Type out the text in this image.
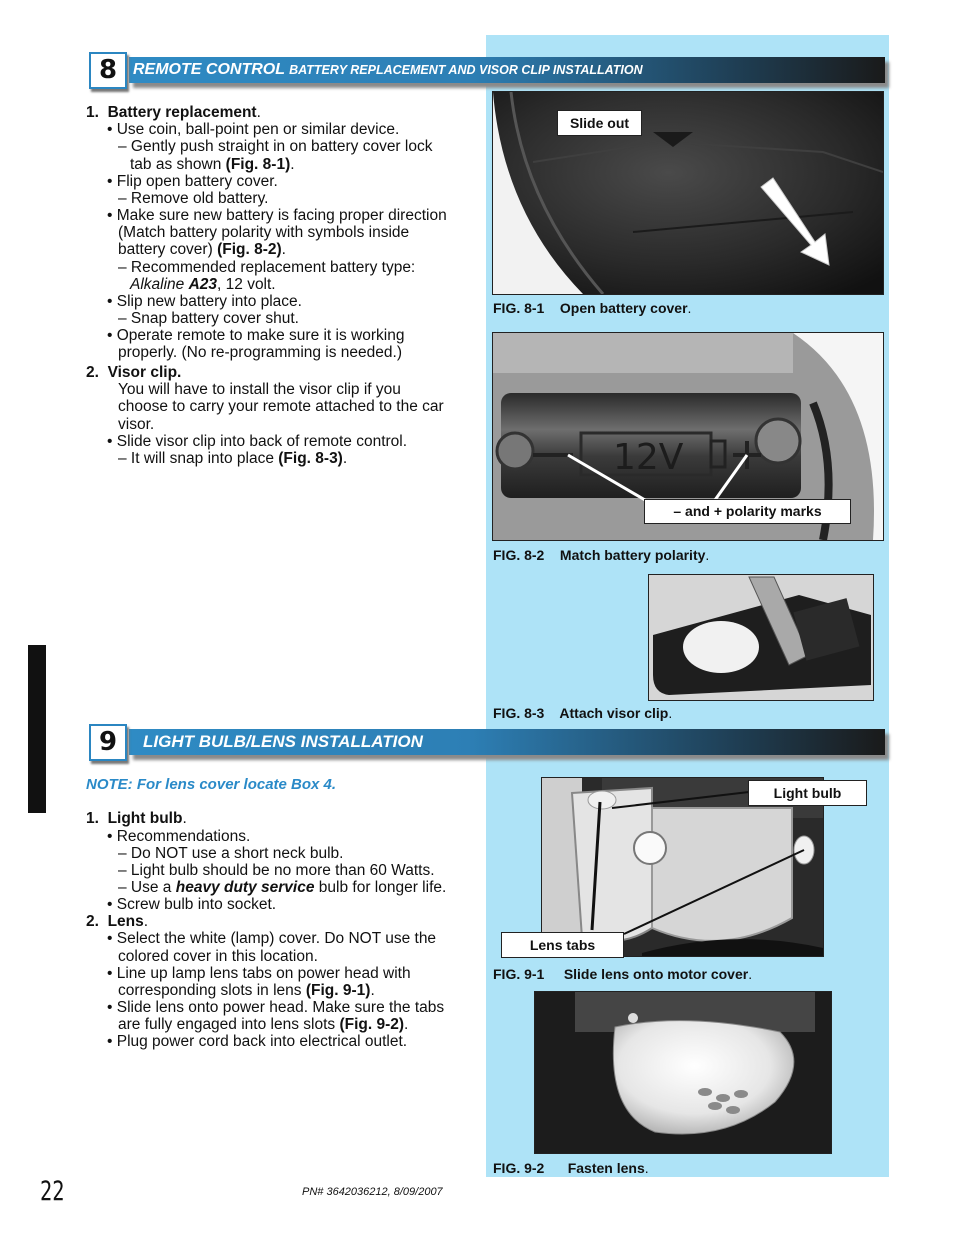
REMOTE CONTROL BATTERY REPLACEMENT AND VISOR CLIP INSTALLATION
8
1. Battery replacement.
• Use coin, ball-point pen or similar device.
– Gently push straight in on battery cover lock
tab as shown (Fig. 8-1).
• Flip open battery cover.
– Remove old battery.
• Make sure new battery is facing proper direction
(Match battery polarity with symbols inside
battery cover) (Fig. 8-2).
– Recommended replacement battery type:
Alkaline A23, 12 volt.
• Slip new battery into place.
– Snap battery cover shut.
• Operate remote to make sure it is working
properly. (No re-programming is needed.)
2. Visor clip.
You will have to install the visor clip if you
choose to carry your remote attached to the car
visor.
• Slide visor clip into back of remote control.
– It will snap into place (Fig. 8-3).
Slide out
FIG. 8-1 Open battery cover.
12V
– and + polarity marks
FIG. 8-2 Match battery polarity.
FIG. 8-3 Attach visor clip.
LIGHT BULB/LENS INSTALLATION
9
NOTE: For lens cover locate Box 4.
1. Light bulb.
• Recommendations.
– Do NOT use a short neck bulb.
– Light bulb should be no more than 60 Watts.
– Use a heavy duty service bulb for longer life.
• Screw bulb into socket.
2. Lens.
• Select the white (lamp) cover. Do NOT use the
colored cover in this location.
• Line up lamp lens tabs on power head with
corresponding slots in lens (Fig. 9-1).
• Slide lens onto power head. Make sure the tabs
are fully engaged into lens slots (Fig. 9-2).
• Plug power cord back into electrical outlet.
Light bulb
Lens tabs
FIG. 9-1 Slide lens onto motor cover.
FIG. 9-2 Fasten lens.
22	PN# 3642036212, 8/09/2007
